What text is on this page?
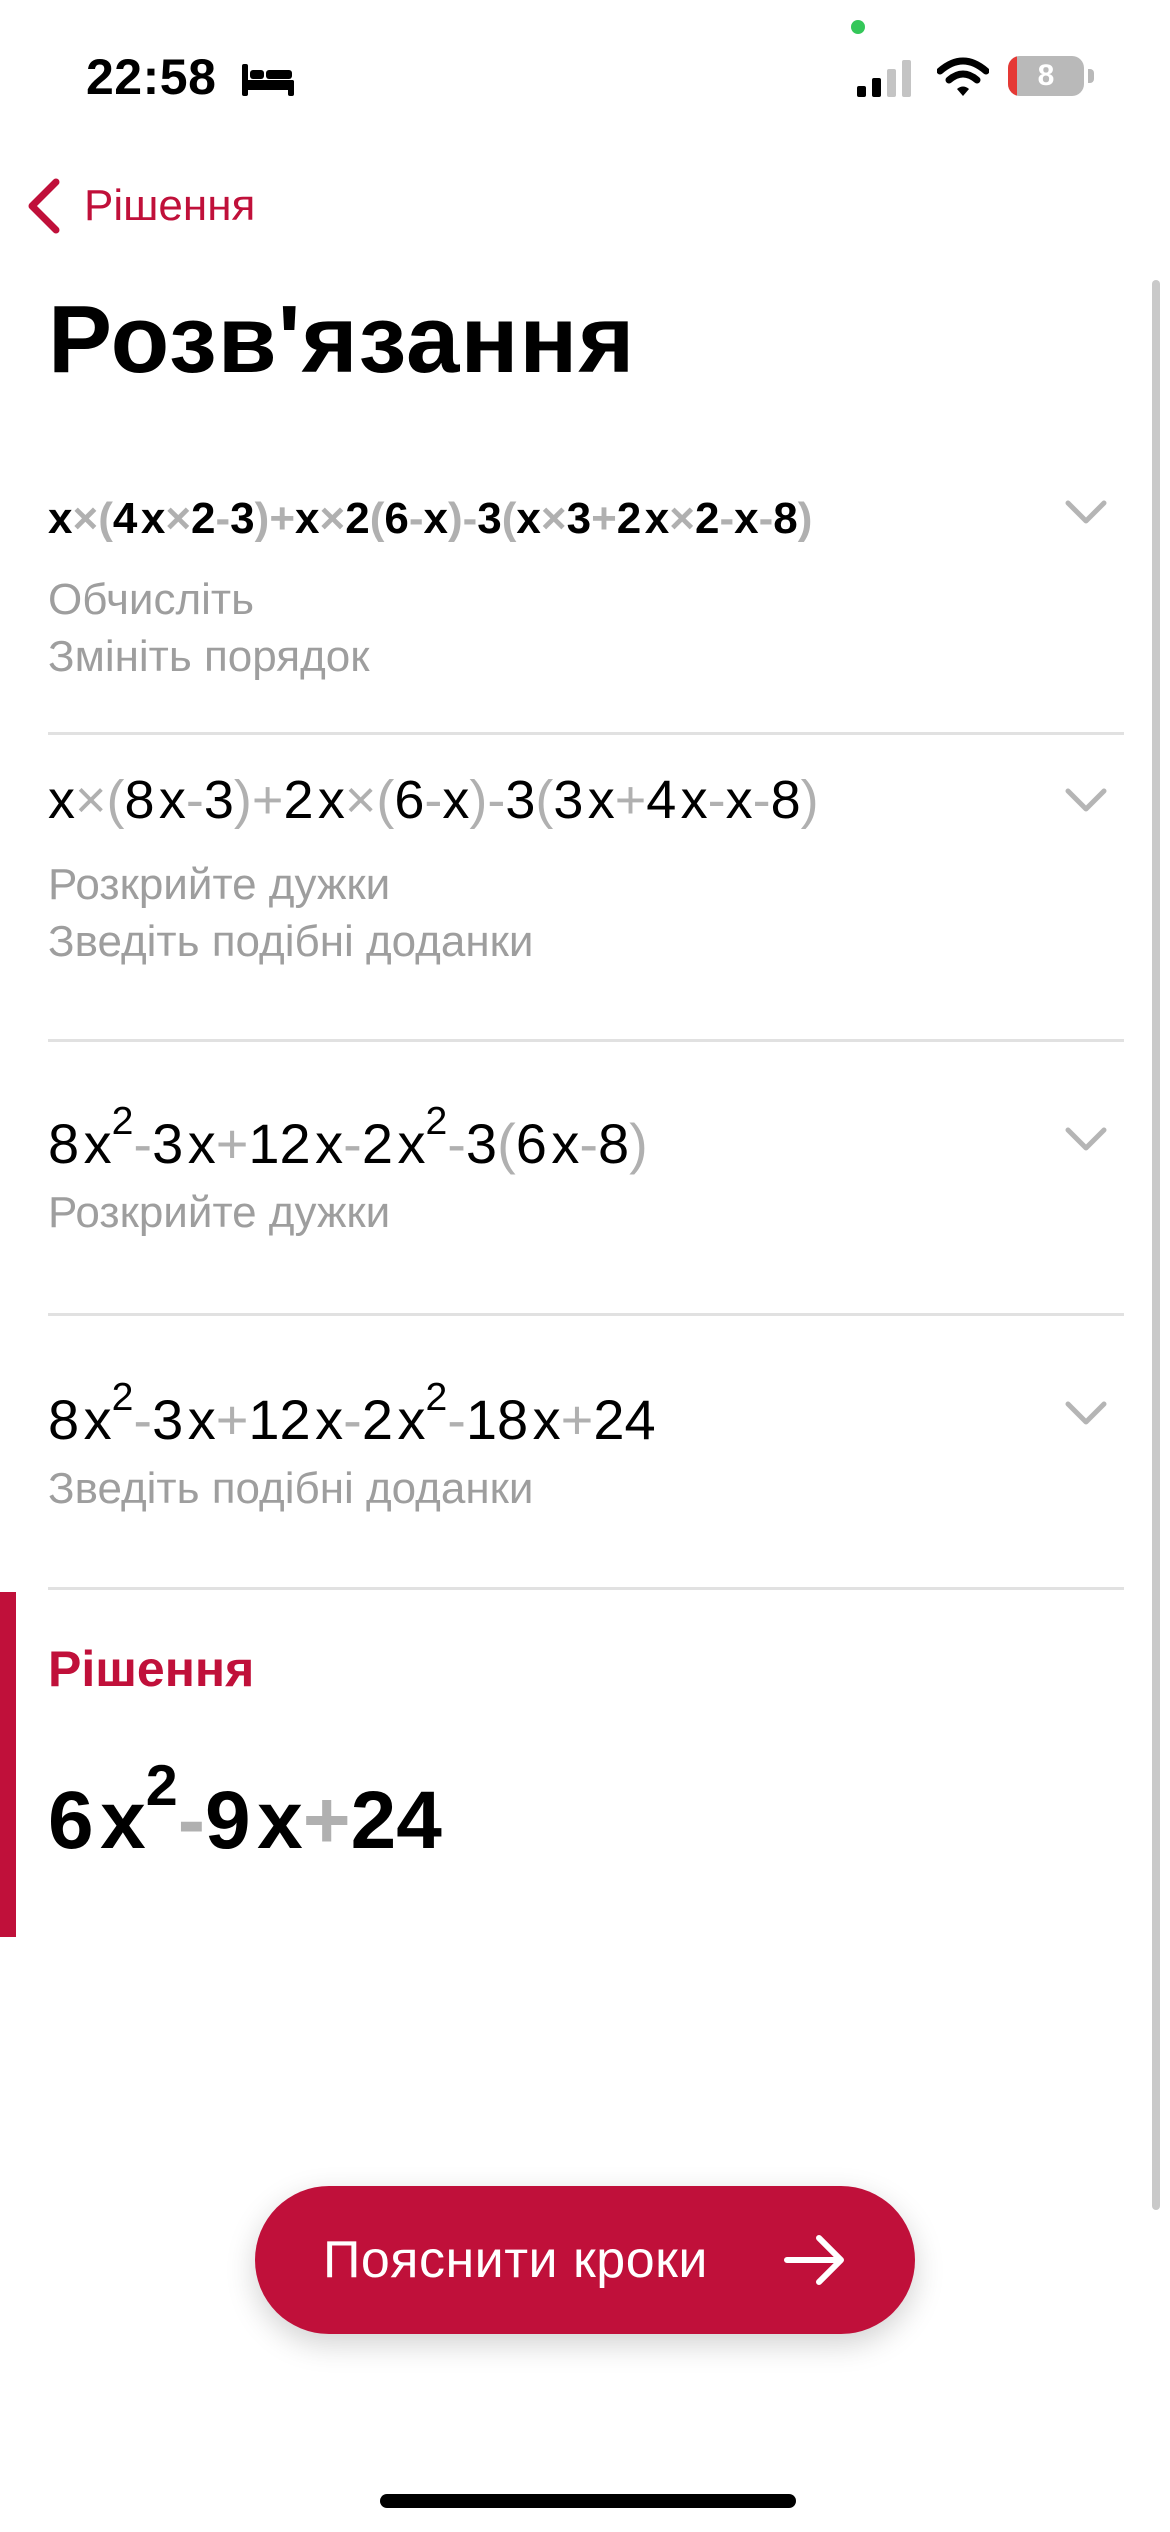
22:58	8
Рішення
Розв'язання
x×(4x×2-3)+x×2(6-x)-3(x×3+2x×2-x-8)
Обчисліть
Змініть порядок
x×(8x-3)+2x×(6-x)-3(3x+4x-x-8)
Розкрийте дужки
Зведіть подібні доданки
$8x^2-3x+12x-2x^2-3(6x-8)$
Розкрийте дужки
$8x^2-3x+12x-2x^2-18x+24$
Зведіть подібні доданки
Рішення
$6x^2-9x+24$
Пояснити кроки
